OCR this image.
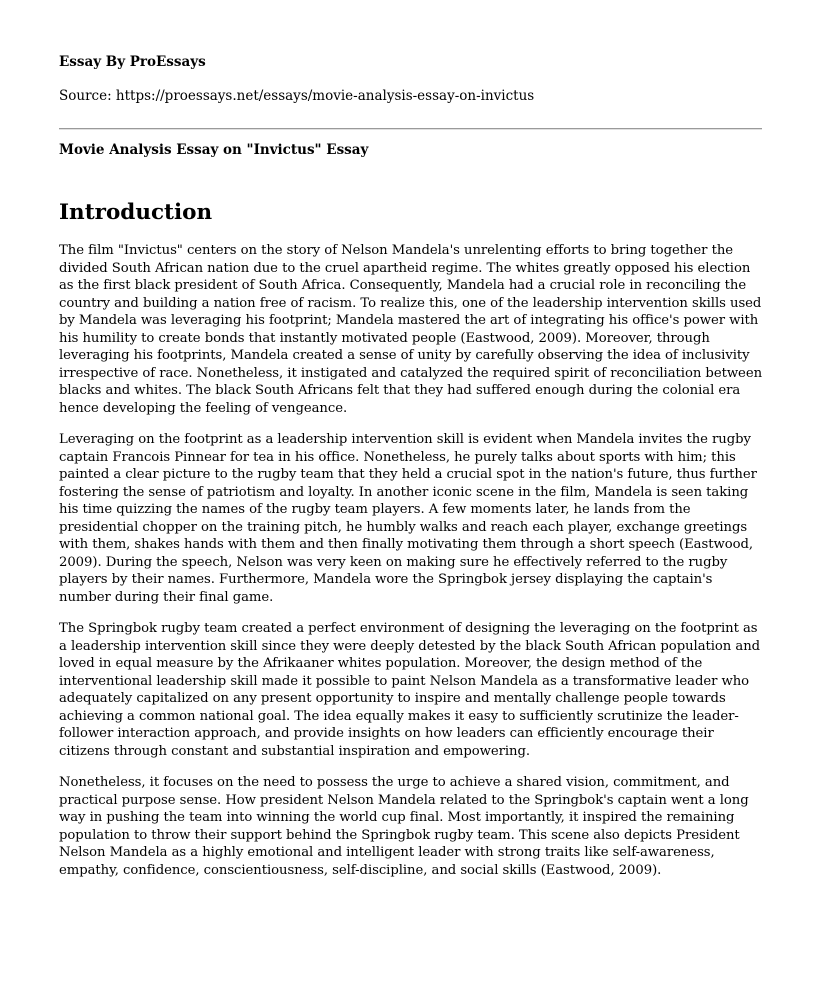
Essay By ProEssays

Source: https://proessays.net/essays/movie-analysis-essay-on-invictus

Movie Analysis Essay on "Invictus" Essay

Introduction

The film "Invictus" centers on the story of Nelson Mandela's unrelenting efforts to bring together the divided South African nation due to the cruel apartheid regime. The whites greatly opposed his election as the first black president of South Africa. Consequently, Mandela had a crucial role in reconciling the country and building a nation free of racism. To realize this, one of the leadership intervention skills used by Mandela was leveraging his footprint; Mandela mastered the art of integrating his office's power with his humility to create bonds that instantly motivated people (Eastwood, 2009). Moreover, through leveraging his footprints, Mandela created a sense of unity by carefully observing the idea of inclusivity irrespective of race. Nonetheless, it instigated and catalyzed the required spirit of reconciliation between blacks and whites. The black South Africans felt that they had suffered enough during the colonial era hence developing the feeling of vengeance.

Leveraging on the footprint as a leadership intervention skill is evident when Mandela invites the rugby captain Francois Pinnear for tea in his office. Nonetheless, he purely talks about sports with him; this painted a clear picture to the rugby team that they held a crucial spot in the nation's future, thus further fostering the sense of patriotism and loyalty. In another iconic scene in the film, Mandela is seen taking his time quizzing the names of the rugby team players. A few moments later, he lands from the presidential chopper on the training pitch, he humbly walks and reach each player, exchange greetings with them, shakes hands with them and then finally motivating them through a short speech (Eastwood, 2009). During the speech, Nelson was very keen on making sure he effectively referred to the rugby players by their names. Furthermore, Mandela wore the Springbok jersey displaying the captain's number during their final game.

The Springbok rugby team created a perfect environment of designing the leveraging on the footprint as a leadership intervention skill since they were deeply detested by the black South African population and loved in equal measure by the Afrikaaner whites population. Moreover, the design method of the interventional leadership skill made it possible to paint Nelson Mandela as a transformative leader who adequately capitalized on any present opportunity to inspire and mentally challenge people towards achieving a common national goal. The idea equally makes it easy to sufficiently scrutinize the leader-follower interaction approach, and provide insights on how leaders can efficiently encourage their citizens through constant and substantial inspiration and empowering.

Nonetheless, it focuses on the need to possess the urge to achieve a shared vision, commitment, and practical purpose sense. How president Nelson Mandela related to the Springbok's captain went a long way in pushing the team into winning the world cup final. Most importantly, it inspired the remaining population to throw their support behind the Springbok rugby team. This scene also depicts President Nelson Mandela as a highly emotional and intelligent leader with strong traits like self-awareness, empathy, confidence, conscientiousness, self-discipline, and social skills (Eastwood, 2009).
